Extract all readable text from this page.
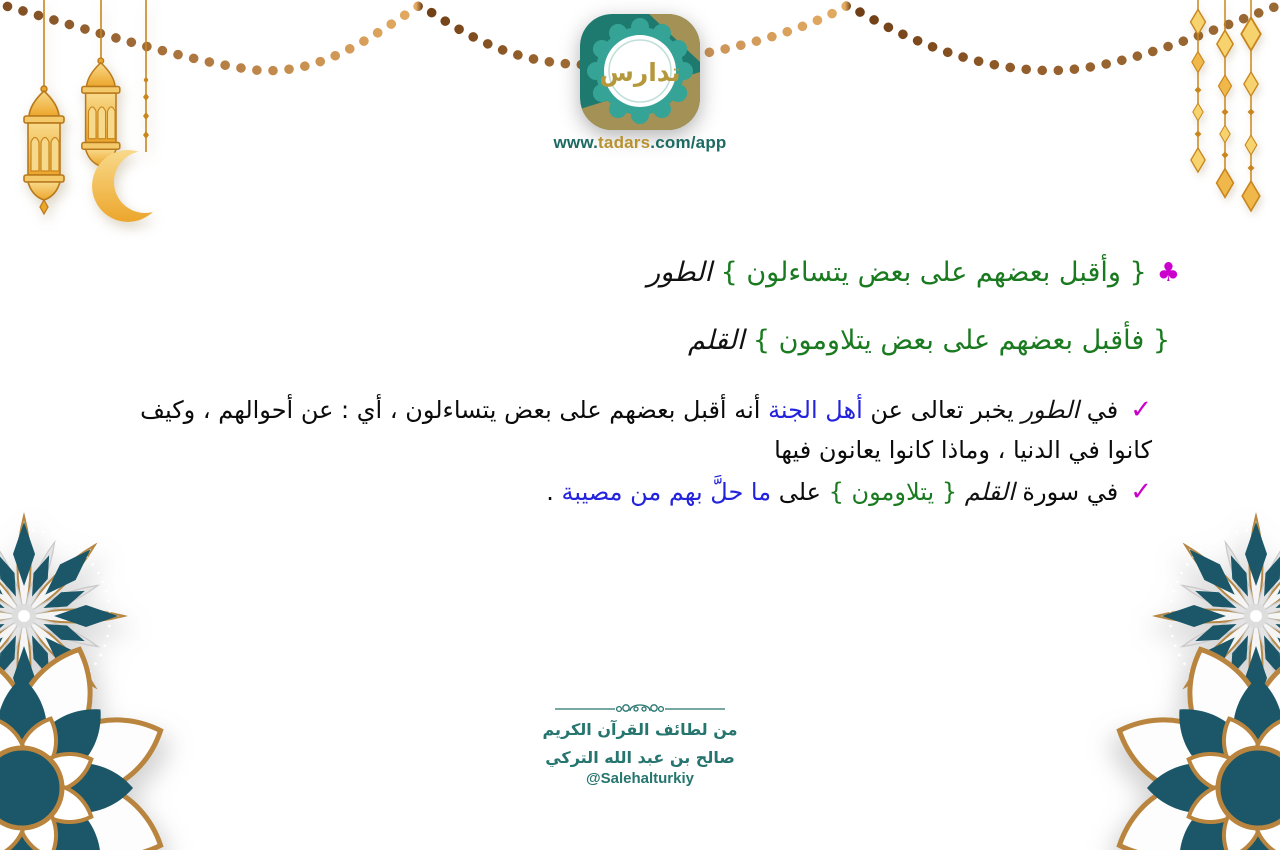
تدارس
www.tadars.com/app
♣{ وأقبل بعضهم على بعض يتساءلون } الطور
{ فأقبل بعضهم على بعض يتلاومون } القلم
✓في الطور يخبر تعالى عن أهل الجنة أنه أقبل بعضهم على بعض يتساءلون ، أي : عن أحوالهم ، وكيف كانوا في الدنيا ، وماذا كانوا يعانون فيها
✓في سورة القلم { يتلاومون } على ما حلَّ بهم من مصيبة .
من لطائف القرآن الكريم
صالح بن عبد الله التركي
@Salehalturkiy
